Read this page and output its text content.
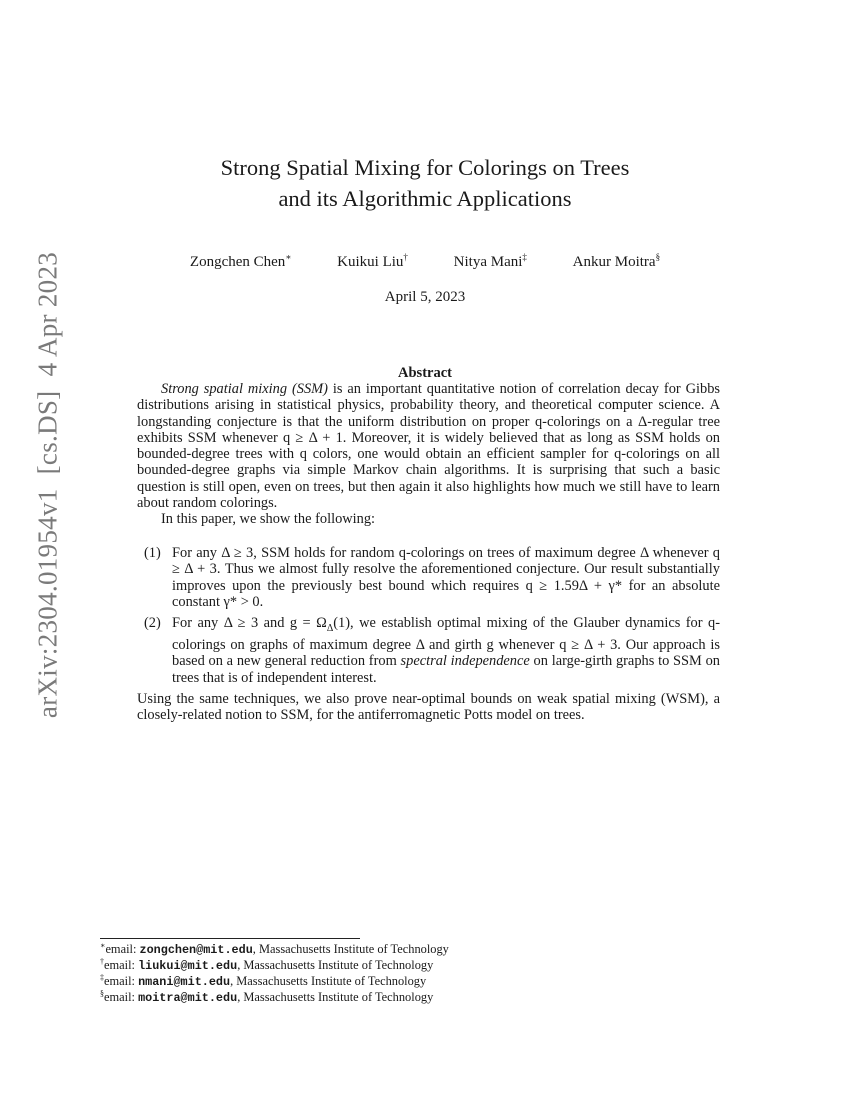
arXiv:2304.01954v1  [cs.DS]  4 Apr 2023
Strong Spatial Mixing for Colorings on Trees
and its Algorithmic Applications
Zongchen Chen∗	Kuikui Liu†	Nitya Mani‡	Ankur Moitra§
April 5, 2023
Abstract
Strong spatial mixing (SSM) is an important quantitative notion of correlation decay for Gibbs distributions arising in statistical physics, probability theory, and theoretical computer science. A longstanding conjecture is that the uniform distribution on proper q-colorings on a Δ-regular tree exhibits SSM whenever q ≥ Δ + 1. Moreover, it is widely believed that as long as SSM holds on bounded-degree trees with q colors, one would obtain an efficient sampler for q-colorings on all bounded-degree graphs via simple Markov chain algorithms. It is surprising that such a basic question is still open, even on trees, but then again it also highlights how much we still have to learn about random colorings.
In this paper, we show the following:
(1) For any Δ ≥ 3, SSM holds for random q-colorings on trees of maximum degree Δ whenever q ≥ Δ + 3. Thus we almost fully resolve the aforementioned conjecture. Our result substantially improves upon the previously best bound which requires q ≥ 1.59Δ + γ* for an absolute constant γ* > 0.
(2) For any Δ ≥ 3 and $g = \Omega_\Delta(1)$, we establish optimal mixing of the Glauber dynamics for q-colorings on graphs of maximum degree Δ and girth g whenever q ≥ Δ + 3. Our approach is based on a new general reduction from spectral independence on large-girth graphs to SSM on trees that is of independent interest.
Using the same techniques, we also prove near-optimal bounds on weak spatial mixing (WSM), a closely-related notion to SSM, for the antiferromagnetic Potts model on trees.
∗email: zongchen@mit.edu, Massachusetts Institute of Technology
†email: liukui@mit.edu, Massachusetts Institute of Technology
‡email: nmani@mit.edu, Massachusetts Institute of Technology
§email: moitra@mit.edu, Massachusetts Institute of Technology
